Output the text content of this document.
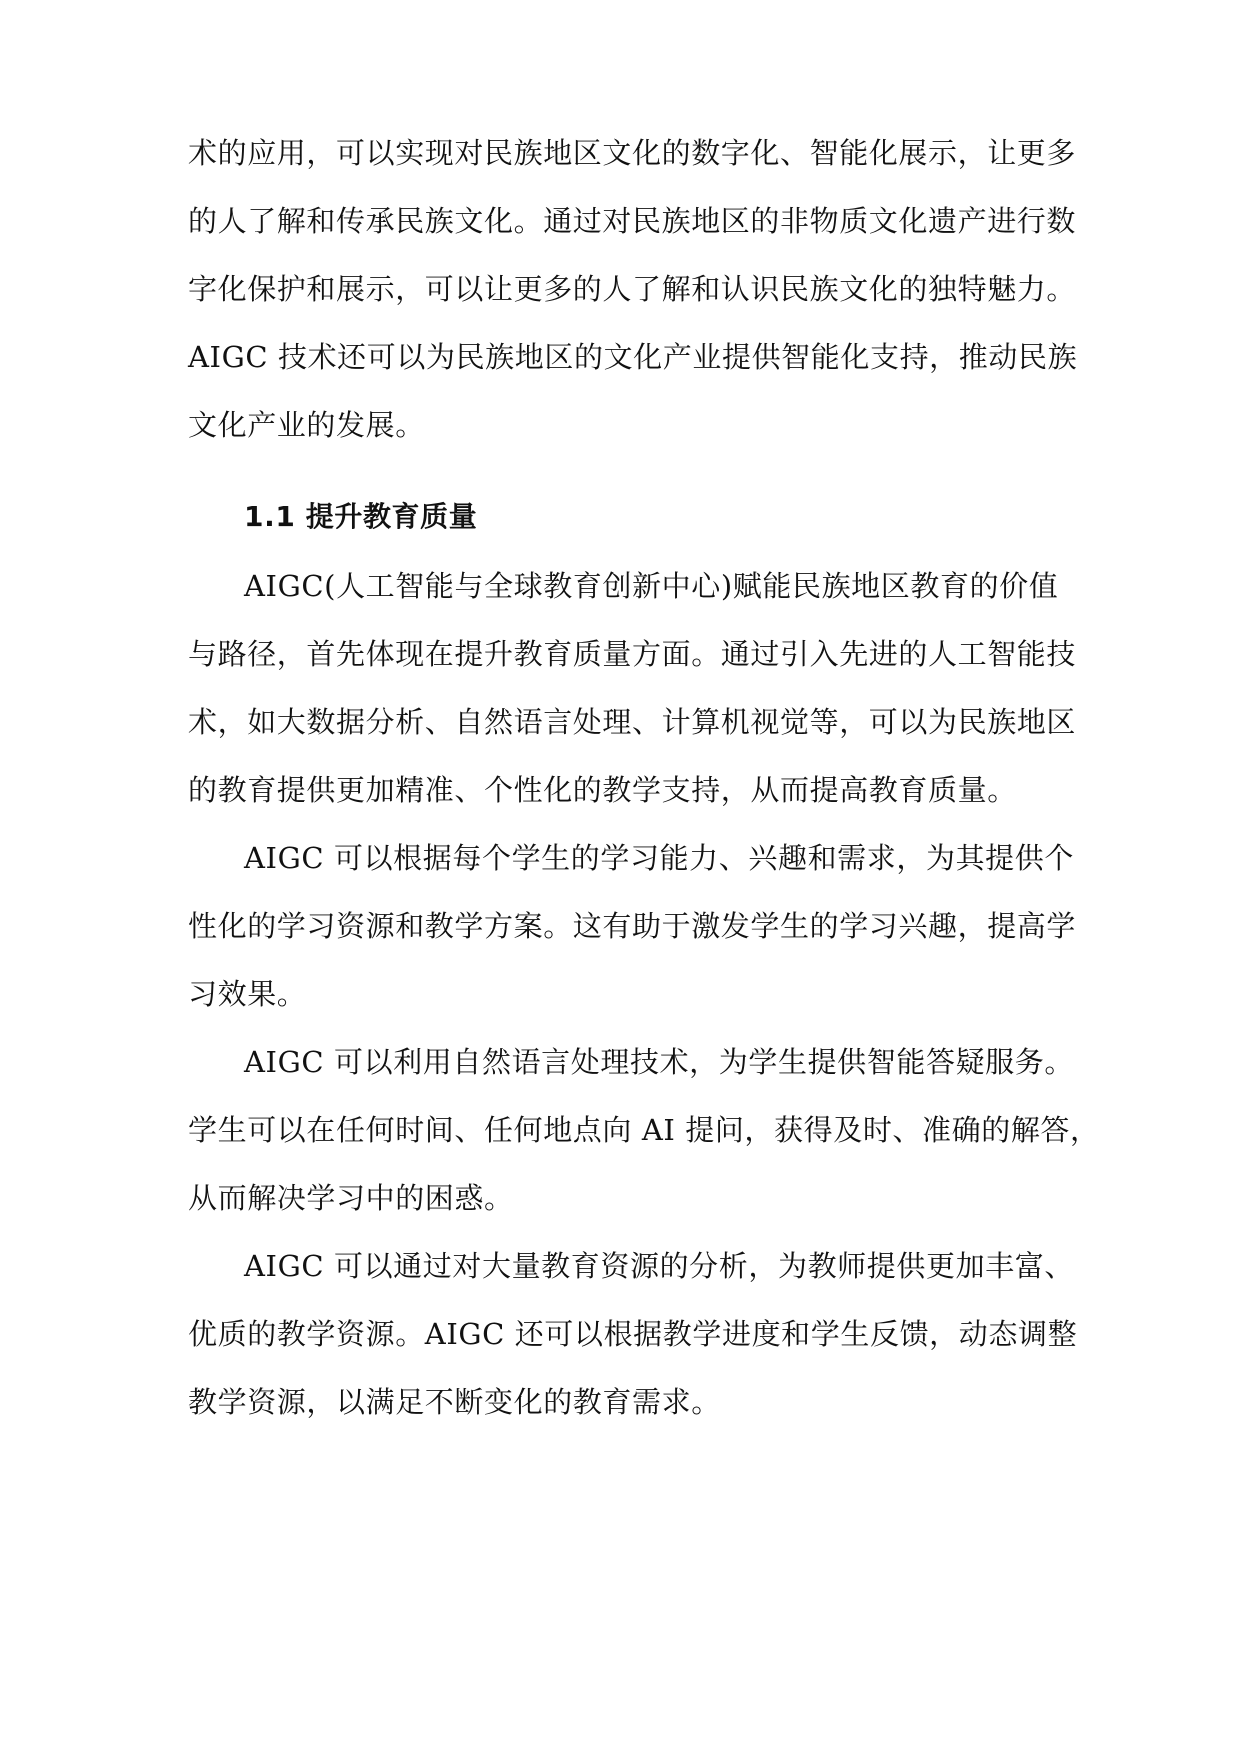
术的应用，可以实现对民族地区文化的数字化、智能化展示，让更多
的人了解和传承民族文化。通过对民族地区的非物质文化遗产进行数
字化保护和展示，可以让更多的人了解和认识民族文化的独特魅力。
AIGC 技术还可以为民族地区的文化产业提供智能化支持，推动民族
文化产业的发展。
1.1 提升教育质量
AIGC(人工智能与全球教育创新中心)赋能民族地区教育的价值
与路径，首先体现在提升教育质量方面。通过引入先进的人工智能技
术，如大数据分析、自然语言处理、计算机视觉等，可以为民族地区
的教育提供更加精准、个性化的教学支持，从而提高教育质量。
AIGC 可以根据每个学生的学习能力、兴趣和需求，为其提供个
性化的学习资源和教学方案。这有助于激发学生的学习兴趣，提高学
习效果。
AIGC 可以利用自然语言处理技术，为学生提供智能答疑服务。
学生可以在任何时间、任何地点向 AI 提问，获得及时、准确的解答，
从而解决学习中的困惑。
AIGC 可以通过对大量教育资源的分析，为教师提供更加丰富、
优质的教学资源。AIGC 还可以根据教学进度和学生反馈，动态调整
教学资源，以满足不断变化的教育需求。
